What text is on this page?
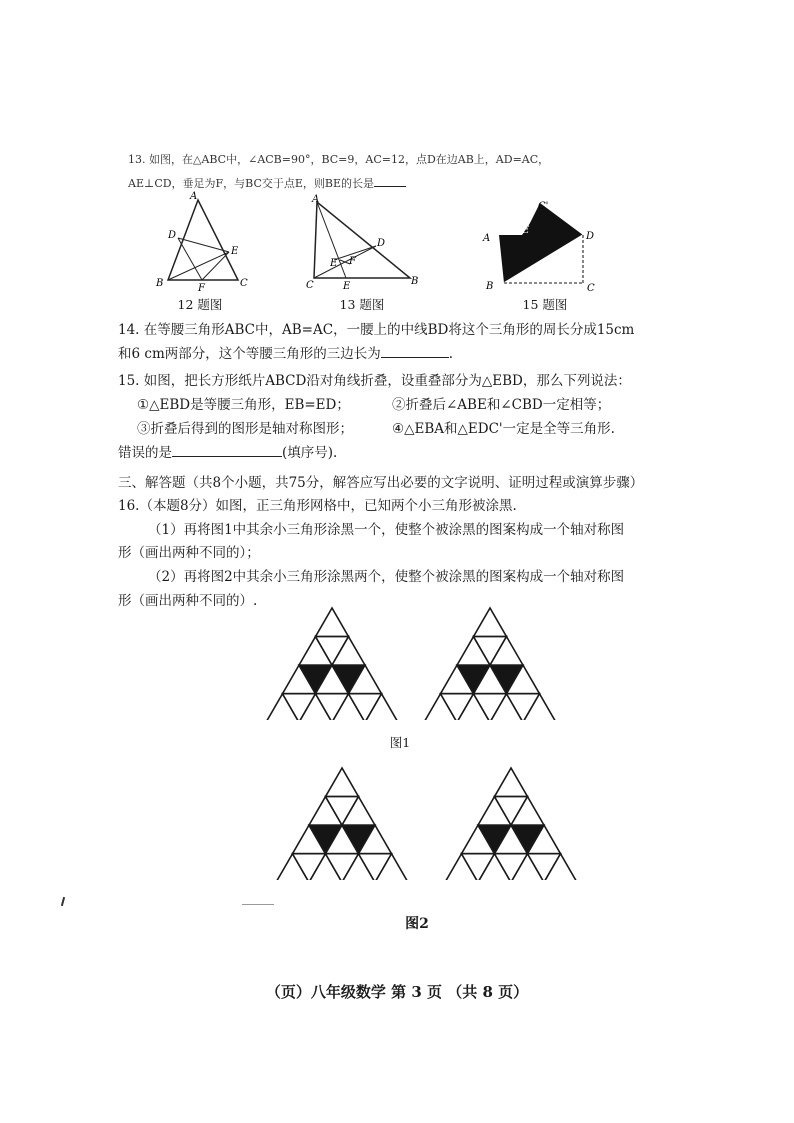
13. 如图，在△ABC中，∠ACB=90°，BC=9，AC=12，点D在边AB上，AD=AC，
AE⊥CD，垂足为F，与BC交于点E，则BE的长是
A
D
E
B	F	C
12 题图
A
D
E F
C	E	B
13 题图
A
E
C'
D
B	C
15 题图
14. 在等腰三角形ABC中，AB=AC，一腰上的中线BD将这个三角形的周长分成15cm
和6 cm两部分，这个等腰三角形的三边长为	.
15. 如图，把长方形纸片ABCD沿对角线折叠，设重叠部分为△EBD，那么下列说法：
①△EBD是等腰三角形，EB=ED；	②折叠后∠ABE和∠CBD一定相等；
③折叠后得到的图形是轴对称图形；	④△EBA和△EDC'一定是全等三角形.
错误的是	(填序号).
三、解答题（共8个小题，共75分，解答应写出必要的文字说明、证明过程或演算步骤）
16.（本题8分）如图，正三角形网格中，已知两个小三角形被涂黑.
（1）再将图1中其余小三角形涂黑一个，使整个被涂黑的图案构成一个轴对称图
形（画出两种不同的）；
（2）再将图2中其余小三角形涂黑两个，使整个被涂黑的图案构成一个轴对称图
形（画出两种不同的）.
图1
图2
（页）八年级数学 第 3 页 （共 8 页）
